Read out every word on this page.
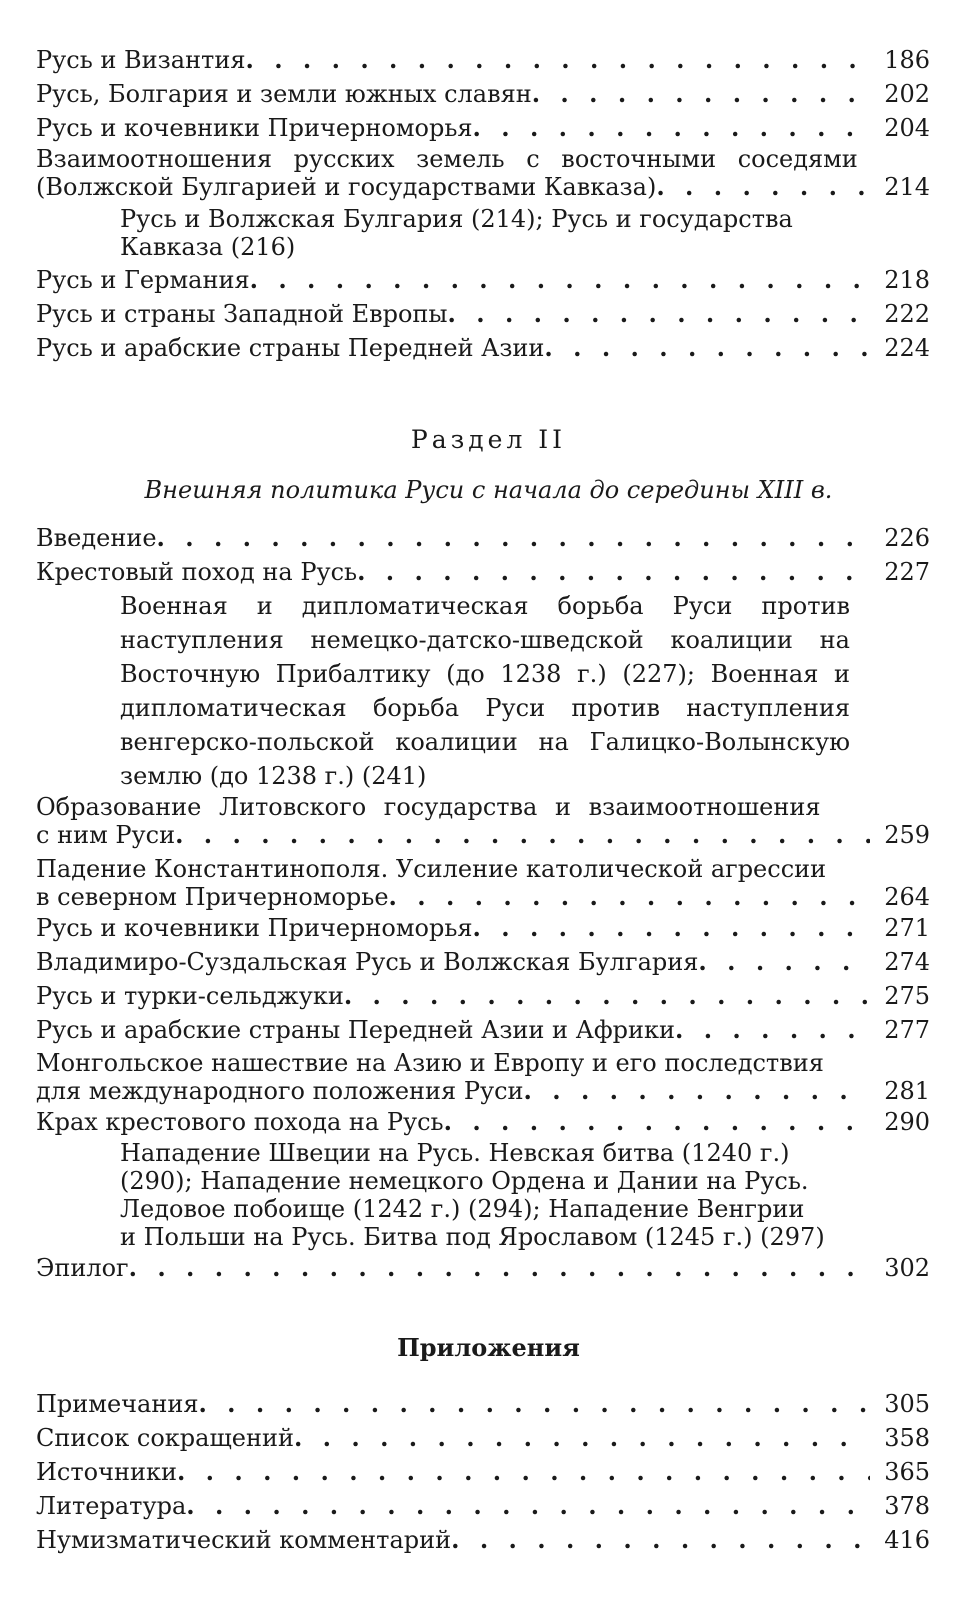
Русь и Византия . . .	186
Русь, Болгария и земли южных славян . . .	202
Русь и кочевники Причерноморья . . .	204
Взаимоотношения русских земель с восточными соседями
(Волжской Булгарией и государствами Кавказа) . . .	214
Русь и Волжская Булгария (214); Русь и государства Кавказа (216)
Русь и Германия . . .	218
Русь и страны Западной Европы . . .	222
Русь и арабские страны Передней Азии . . .	224
Раздел II
Внешняя политика Руси с начала до середины XIII в.
Введение . . .	226
Крестовый поход на Русь . . .	227
Военная и дипломатическая борьба Руси против наступления немецко-датско-шведской коалиции на Восточную Прибалтику (до 1238 г.) (227); Военная и дипломатическая борьба Руси против наступления венгерско-польской коалиции на Галицко-Волынскую землю (до 1238 г.) (241)
Образование Литовского государства и взаимоотношения
с ним Руси . . .	259
Падение Константинополя. Усиление католической агрессии
в северном Причерноморье . . .	264
Русь и кочевники Причерноморья . . .	271
Владимиро-Суздальская Русь и Волжская Булгария . . .	274
Русь и турки-сельджуки . . .	275
Русь и арабские страны Передней Азии и Африки . . .	277
Монгольское нашествие на Азию и Европу и его последствия
для международного положения Руси . . .	281
Крах крестового похода на Русь . . .	290
Нападение Швеции на Русь. Невская битва (1240 г.)
(290); Нападение немецкого Ордена и Дании на Русь.
Ледовое побоище (1242 г.) (294); Нападение Венгрии
и Польши на Русь. Битва под Ярославом (1245 г.) (297)
Эпилог . . .	302
Приложения
Примечания . . .	305
Список сокращений . . .	358
Источники . . .	365
Литература . . .	378
Нумизматический комментарий . . .	416
